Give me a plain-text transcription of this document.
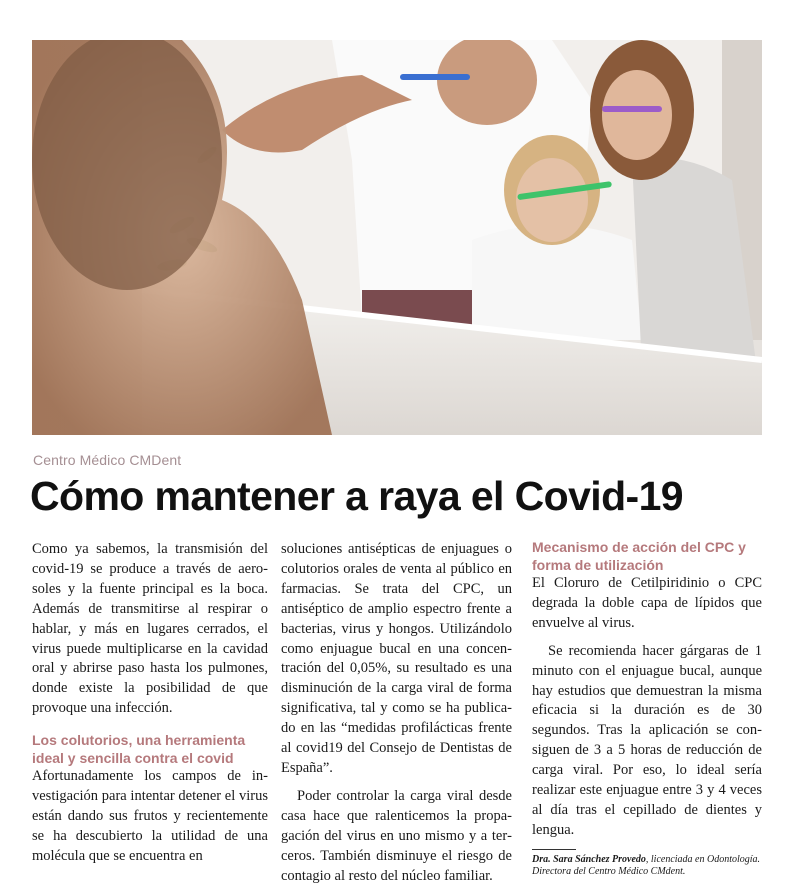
Centro Médico CMDent
Cómo mantener a raya el Covid-19

Como ya sabemos, la transmisión del covid-19 se produce a través de aerosoles y la fuente principal es la boca. Además de transmitirse al respirar o hablar, y más en lugares cerrados, el virus puede multiplicarse en la cavidad oral y abrirse paso hasta los pulmones, donde existe la posibilidad de que provoque una infección.

Los colutorios, una herramienta ideal y sencilla contra el covid

Afortunadamente los campos de investigación para intentar detener el virus están dando sus frutos y recientemente se ha descubierto la utilidad de una molécula que se encuentra en

soluciones antisépticas de enjuagues o colutorios orales de venta al público en farmacias. Se trata del CPC, un antiséptico de amplio espectro frente a bacterias, virus y hongos. Utilizándolo como enjuague bucal en una concentración del 0,05%, su resultado es una disminución de la carga viral de forma significativa, tal y como se ha publicado en las “medidas profilácticas frente al covid19 del Consejo de Dentistas de España”.

Poder controlar la carga viral desde casa hace que ralenticemos la propagación del virus en uno mismo y a terceros. También disminuye el riesgo de contagio al resto del núcleo familiar.

Mecanismo de acción del CPC y forma de utilización

El Cloruro de Cetilpiridinio o CPC degrada la doble capa de lípidos que envuelve al virus.

Se recomienda hacer gárgaras de 1 minuto con el enjuague bucal, aunque hay estudios que demuestran la misma eficacia si la duración es de 30 segundos. Tras la aplicación se consiguen de 3 a 5 horas de reducción de carga viral. Por eso, lo ideal sería realizar este enjuague entre 3 y 4 veces al día tras el cepillado de dientes y lengua.

Dra. Sara Sánchez Provedo, licenciada en Odontología. Directora del Centro Médico CMdent.
